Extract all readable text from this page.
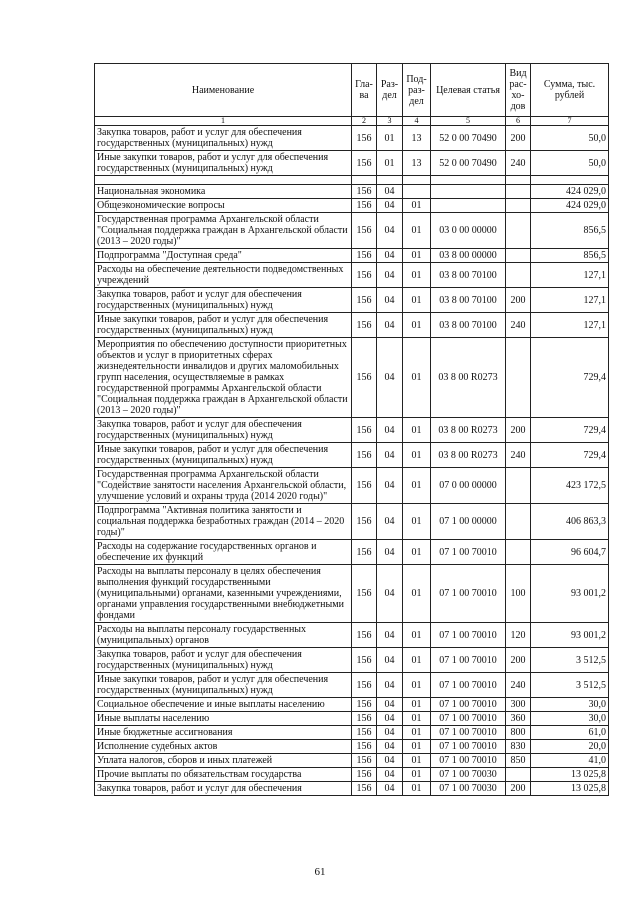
Наименование	Гла-ва	Раз-дел	Под-раз-дел	Целевая статья	Вид рас-хо-дов	Сумма, тыс. рублей
1	2	3	4	5	6	7
Закупка товаров, работ и услуг для обеспечения государственных (муниципальных) нужд	156	01	13	52 0 00 70490	200	50,0
Иные закупки товаров, работ и услуг для обеспечения государственных (муниципальных) нужд	156	01	13	52 0 00 70490	240	50,0

Национальная экономика	156	04				424 029,0
Общеэкономические вопросы	156	04	01			424 029,0
Государственная программа Архангельской области "Социальная поддержка граждан в Архангельской области (2013 – 2020 годы)"	156	04	01	03 0 00 00000		856,5
Подпрограмма "Доступная среда"	156	04	01	03 8 00 00000		856,5
Расходы на обеспечение деятельности подведомственных учреждений	156	04	01	03 8 00 70100		127,1
Закупка товаров, работ и услуг для обеспечения государственных (муниципальных) нужд	156	04	01	03 8 00 70100	200	127,1
Иные закупки товаров, работ и услуг для обеспечения государственных (муниципальных) нужд	156	04	01	03 8 00 70100	240	127,1
Мероприятия по обеспечению доступности приоритетных объектов и услуг в приоритетных сферах жизнедеятельности инвалидов и других маломобильных групп населения, осуществляемые в рамках государственной программы Архангельской области "Социальная поддержка граждан в Архангельской области (2013 – 2020 годы)"	156	04	01	03 8 00 R0273		729,4
Закупка товаров, работ и услуг для обеспечения государственных (муниципальных) нужд	156	04	01	03 8 00 R0273	200	729,4
Иные закупки товаров, работ и услуг для обеспечения государственных (муниципальных) нужд	156	04	01	03 8 00 R0273	240	729,4
Государственная программа Архангельской области "Содействие занятости населения Архангельской области, улучшение условий и охраны труда (2014 2020 годы)"	156	04	01	07 0 00 00000		423 172,5
Подпрограмма "Активная политика занятости и социальная поддержка безработных граждан (2014 – 2020 годы)"	156	04	01	07 1 00 00000		406 863,3
Расходы на содержание государственных органов и обеспечение их функций	156	04	01	07 1 00 70010		96 604,7
Расходы на выплаты персоналу в целях обеспечения выполнения функций государственными (муниципальными) органами, казенными учреждениями, органами управления государственными внебюджетными фондами	156	04	01	07 1 00 70010	100	93 001,2
Расходы на выплаты персоналу государственных (муниципальных) органов	156	04	01	07 1 00 70010	120	93 001,2
Закупка товаров, работ и услуг для обеспечения государственных (муниципальных) нужд	156	04	01	07 1 00 70010	200	3 512,5
Иные закупки товаров, работ и услуг для обеспечения государственных (муниципальных) нужд	156	04	01	07 1 00 70010	240	3 512,5
Социальное обеспечение и иные выплаты населению	156	04	01	07 1 00 70010	300	30,0
Иные выплаты населению	156	04	01	07 1 00 70010	360	30,0
Иные бюджетные ассигнования	156	04	01	07 1 00 70010	800	61,0
Исполнение судебных актов	156	04	01	07 1 00 70010	830	20,0
Уплата налогов, сборов и иных платежей	156	04	01	07 1 00 70010	850	41,0
Прочие выплаты по обязательствам государства	156	04	01	07 1 00 70030		13 025,8
Закупка товаров, работ и услуг для обеспечения	156	04	01	07 1 00 70030	200	13 025,8
61
